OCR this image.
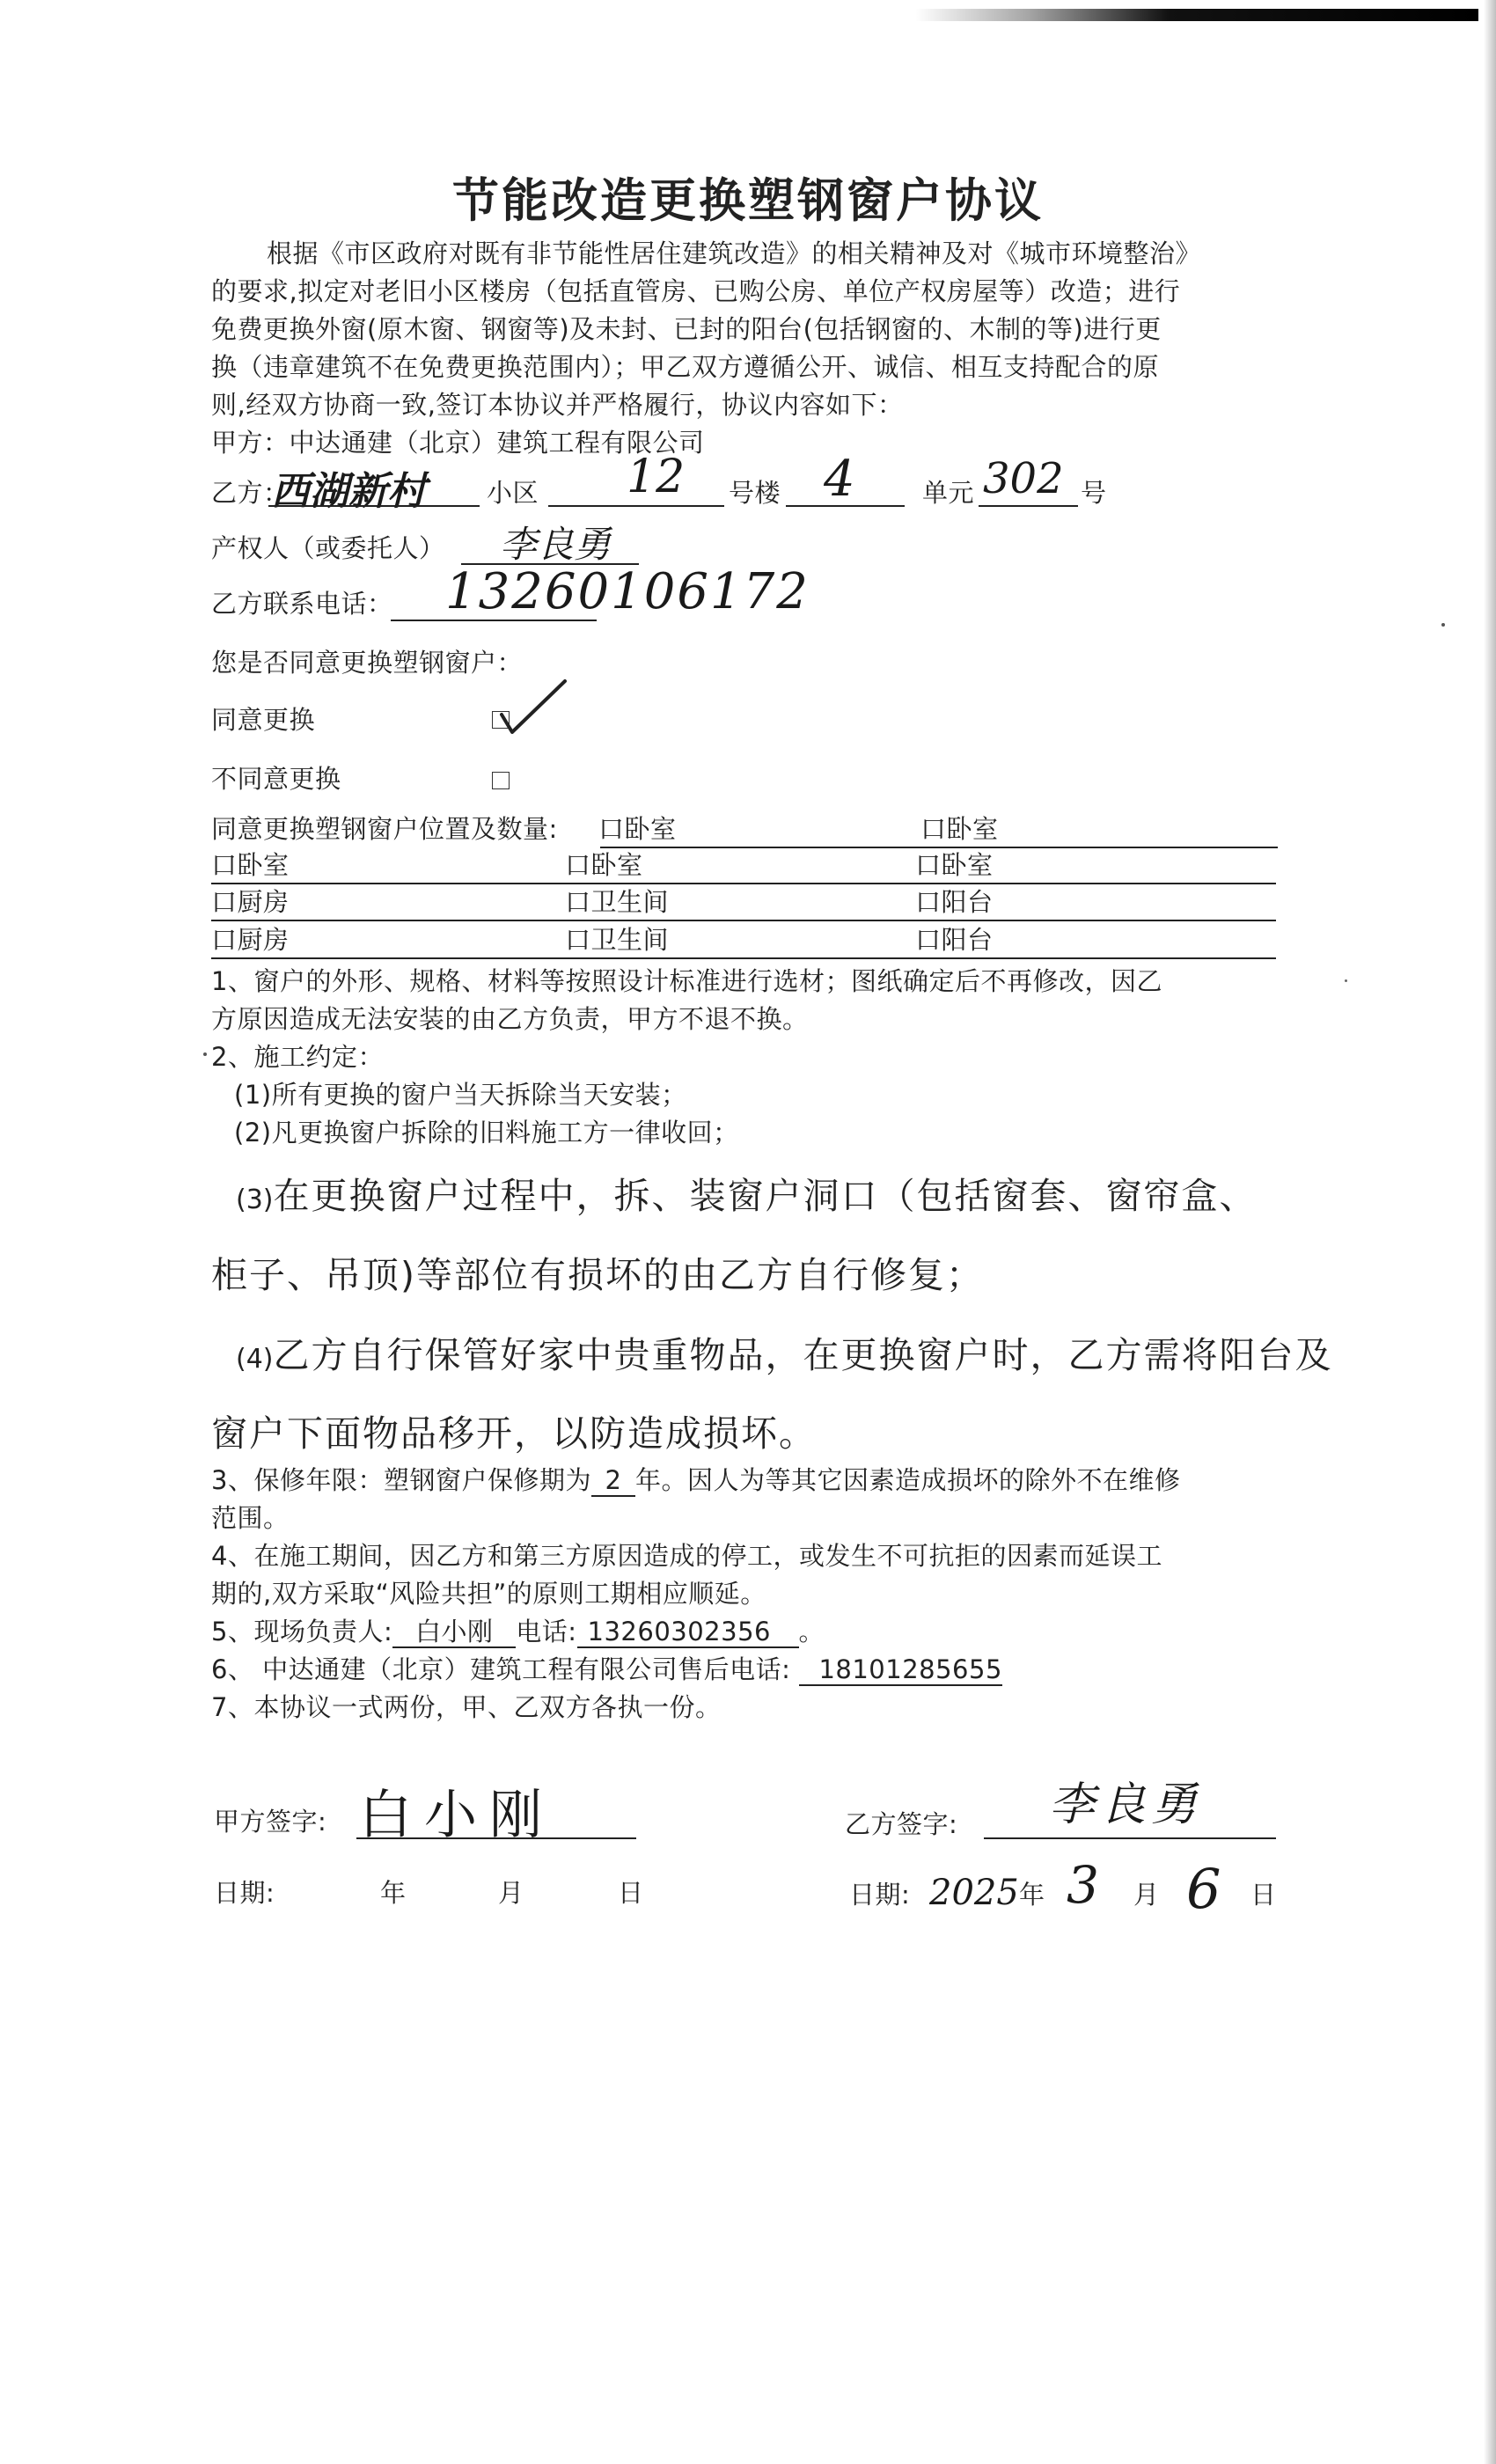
节能改造更换塑钢窗户协议
根据《市区政府对既有非节能性居住建筑改造》的相关精神及对《城市环境整治》
的要求,拟定对老旧小区楼房（包括直管房、已购公房、单位产权房屋等）改造；进行
免费更换外窗(原木窗、钢窗等)及未封、已封的阳台(包括钢窗的、木制的等)进行更
换（违章建筑不在免费更换范围内）；甲乙双方遵循公开、诚信、相互支持配合的原
则,经双方协商一致,签订本协议并严格履行，协议内容如下：
甲方：中达通建（北京）建筑工程有限公司
乙方：
西湖新村 小区 12 号楼 4	单元 302 号
产权人（或委托人） 李良勇
乙方联系电话： 13260106172
您是否同意更换塑钢窗户：
同意更换
不同意更换
同意更换塑钢窗户位置及数量: 口卧室	口卧室
口卧室	口卧室	口卧室
口厨房	口卫生间	口阳台
口厨房	口卫生间	口阳台
1、窗户的外形、规格、材料等按照设计标准进行选材；图纸确定后不再修改，因乙
方原因造成无法安装的由乙方负责，甲方不退不换。
2、施工约定：
(1)所有更换的窗户当天拆除当天安装；
(2)凡更换窗户拆除的旧料施工方一律收回；
(3)在更换窗户过程中，拆、装窗户洞口（包括窗套、窗帘盒、
柜子、吊顶)等部位有损坏的由乙方自行修复；
(4)乙方自行保管好家中贵重物品，在更换窗户时，乙方需将阳台及
窗户下面物品移开，以防造成损坏。
3、保修年限：塑钢窗户保修期为 2 年。因人为等其它因素造成损坏的除外不在维修
范围。
4、在施工期间，因乙方和第三方原因造成的停工，或发生不可抗拒的因素而延误工
期的,双方采取“风险共担”的原则工期相应顺延。
5、现场负责人: 白小刚 电话: 13260302356 。
6、 中达通建（北京）建筑工程有限公司售后电话: 18101285655
7、本协议一式两份，甲、乙双方各执一份。
甲方签字: 白小刚	乙方签字: 李良勇
日期:	年	月	日	日期: 2025 年 3 月 6 日
